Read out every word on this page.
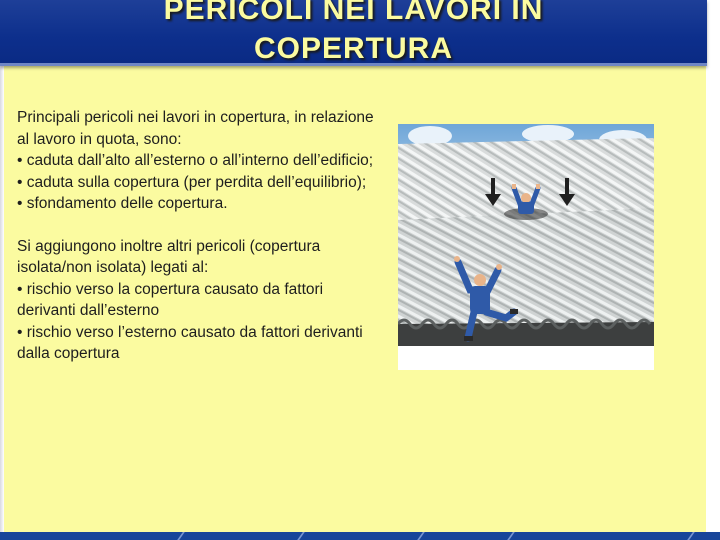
PERICOLI NEI LAVORI IN
COPERTURA

Principali pericoli nei lavori in copertura, in relazione al lavoro in quota, sono:

• caduta dall’alto all’esterno o all’interno dell’edificio;

• caduta sulla copertura (per perdita dell’equilibrio);

• sfondamento delle copertura.

Si aggiungono inoltre altri pericoli (copertura isolata/non isolata) legati al:

• rischio verso la copertura causato da fattori derivanti dall’esterno

• rischio verso l’esterno causato da fattori derivanti dalla copertura
